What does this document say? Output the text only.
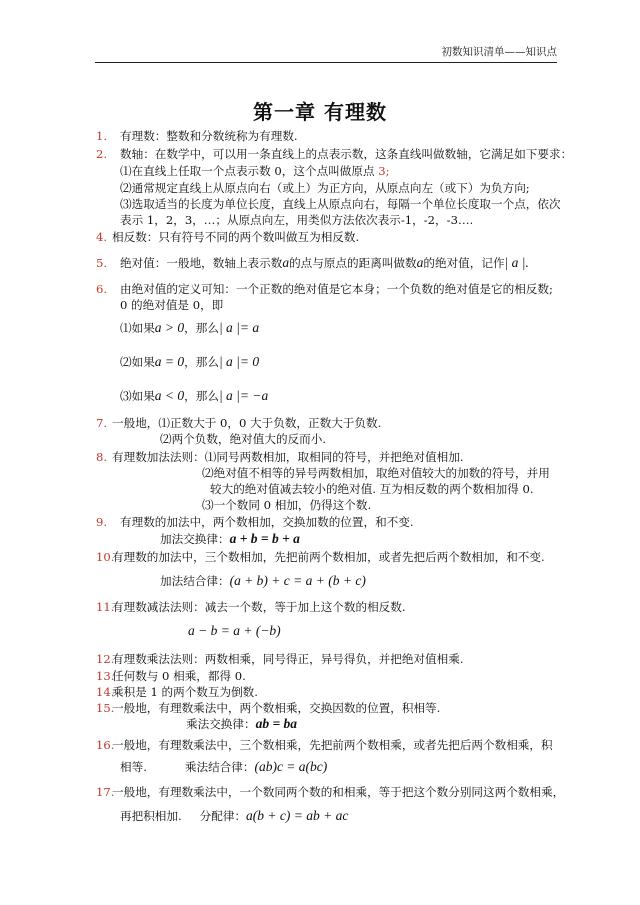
初数知识清单——知识点
第一章 有理数
1.
2.
4.
5.
6.
7.
8.
9.
10.
11.
12.
13.
14.
15.
16.
17.
有理数：整数和分数统称为有理数.
数轴：在数学中，可以用一条直线上的点表示数，这条直线叫做数轴，它满足如下要求：
⑴在直线上任取一个点表示数 0，这个点叫做原点 3;
⑵通常规定直线上从原点向右（或上）为正方向，从原点向左（或下）为负方向;
⑶选取适当的长度为单位长度，直线上从原点向右，每隔一个单位长度取一个点，依次
表示 1，2，3，…；从原点向左，用类似方法依次表示-1，-2，-3….
相反数：只有符号不同的两个数叫做互为相反数.
绝对值：一般地，数轴上表示数a的点与原点的距离叫做数a的绝对值，记作| a |.
由绝对值的定义可知：一个正数的绝对值是它本身；一个负数的绝对值是它的相反数;
0 的绝对值是 0，即
⑴如果a > 0，那么| a |= a
⑵如果a = 0，那么| a |= 0
⑶如果a < 0，那么| a |= −a
一般地，⑴正数大于 0，0 大于负数，正数大于负数.
⑵两个负数，绝对值大的反而小.
有理数加法法则：⑴同号两数相加，取相同的符号，并把绝对值相加.
⑵绝对值不相等的异号两数相加，取绝对值较大的加数的符号，并用
较大的绝对值减去较小的绝对值. 互为相反数的两个数相加得 0.
⑶一个数同 0 相加，仍得这个数.
有理数的加法中，两个数相加，交换加数的位置，和不变.
加法交换律：a + b = b + a
有理数的加法中，三个数相加，先把前两个数相加，或者先把后两个数相加，和不变.
加法结合律：(a + b) + c = a + (b + c)
有理数减法法则：减去一个数，等于加上这个数的相反数.
a − b = a + (−b)
有理数乘法法则：两数相乘，同号得正，异号得负，并把绝对值相乘.
任何数与 0 相乘，都得 0.
乘积是 1 的两个数互为倒数.
一般地，有理数乘法中，两个数相乘，交换因数的位置，积相等.
乘法交换律：ab = ba
一般地，有理数乘法中，三个数相乘，先把前两个数相乘，或者先把后两个数相乘，积
相等.	乘法结合律：(ab)c = a(bc)
一般地，有理数乘法中，一个数同两个数的和相乘，等于把这个数分别同这两个数相乘，
再把积相加. 分配律：a(b + c) = ab + ac
